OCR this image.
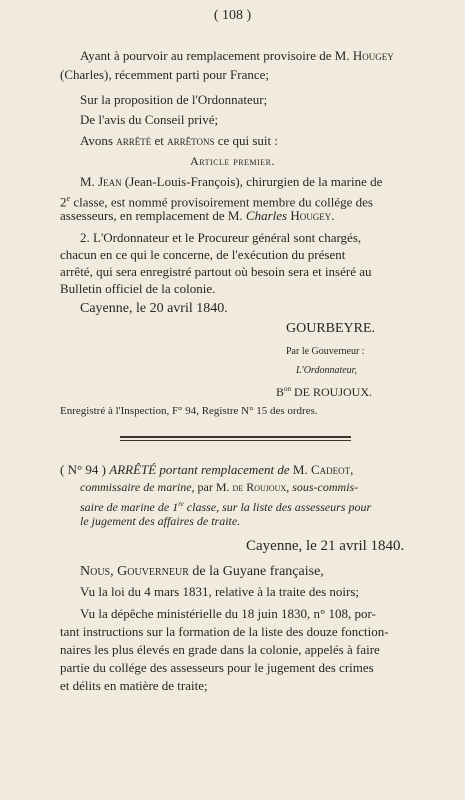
( 108 )
Ayant à pourvoir au remplacement provisoire de M. Hougey
(Charles), récemment parti pour France;
Sur la proposition de l'Ordonnateur;
De l'avis du Conseil privé;
Avons arrêté et arrêtons ce qui suit :
Article premier.
M. Jean (Jean-Louis-François), chirurgien de la marine de
2e classe, est nommé provisoirement membre du collége des
assesseurs, en remplacement de M. Charles Hougey.
2. L'Ordonnateur et le Procureur général sont chargés,
chacun en ce qui le concerne, de l'exécution du présent
arrêté, qui sera enregistré partout où besoin sera et inséré au
Bulletin officiel de la colonie.
Cayenne, le 20 avril 1840.
GOURBEYRE.
Par le Gouverneur :
L'Ordonnateur,
$B^{on}$ DE ROUJOUX.
Enregistré à l'Inspection, F° 94, Registre N° 15 des ordres.
( N° 94 ) ARRÊTÉ portant remplacement de M. Cadeot,
commissaire de marine, par M. de Roujoux, sous-commis-
saire de marine de 1re classe, sur la liste des assesseurs pour
le jugement des affaires de traite.
Cayenne, le 21 avril 1840.
Nous, Gouverneur de la Guyane française,
Vu la loi du 4 mars 1831, relative à la traite des noirs;
Vu la dépêche ministérielle du 18 juin 1830, n° 108, por-
tant instructions sur la formation de la liste des douze fonction-
naires les plus élevés en grade dans la colonie, appelés à faire
partie du collége des assesseurs pour le jugement des crimes
et délits en matière de traite;
